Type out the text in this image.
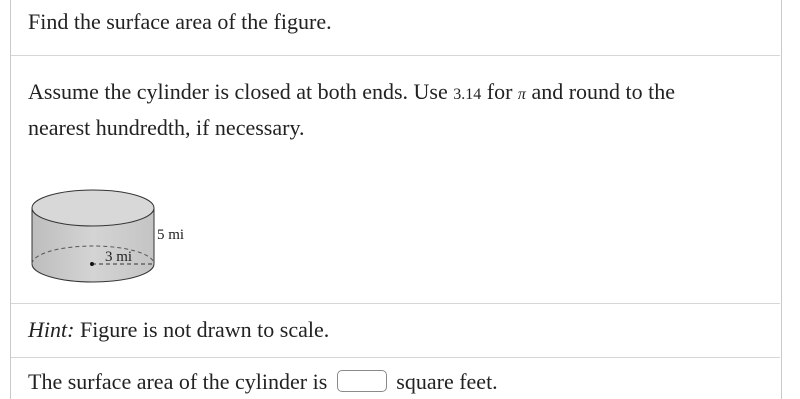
Find the surface area of the figure.
Assume the cylinder is closed at both ends. Use 3.14 for π and round to the
nearest hundredth, if necessary.
3 mi
5 mi
Hint: Figure is not drawn to scale.
The surface area of the cylinder is	square feet.
